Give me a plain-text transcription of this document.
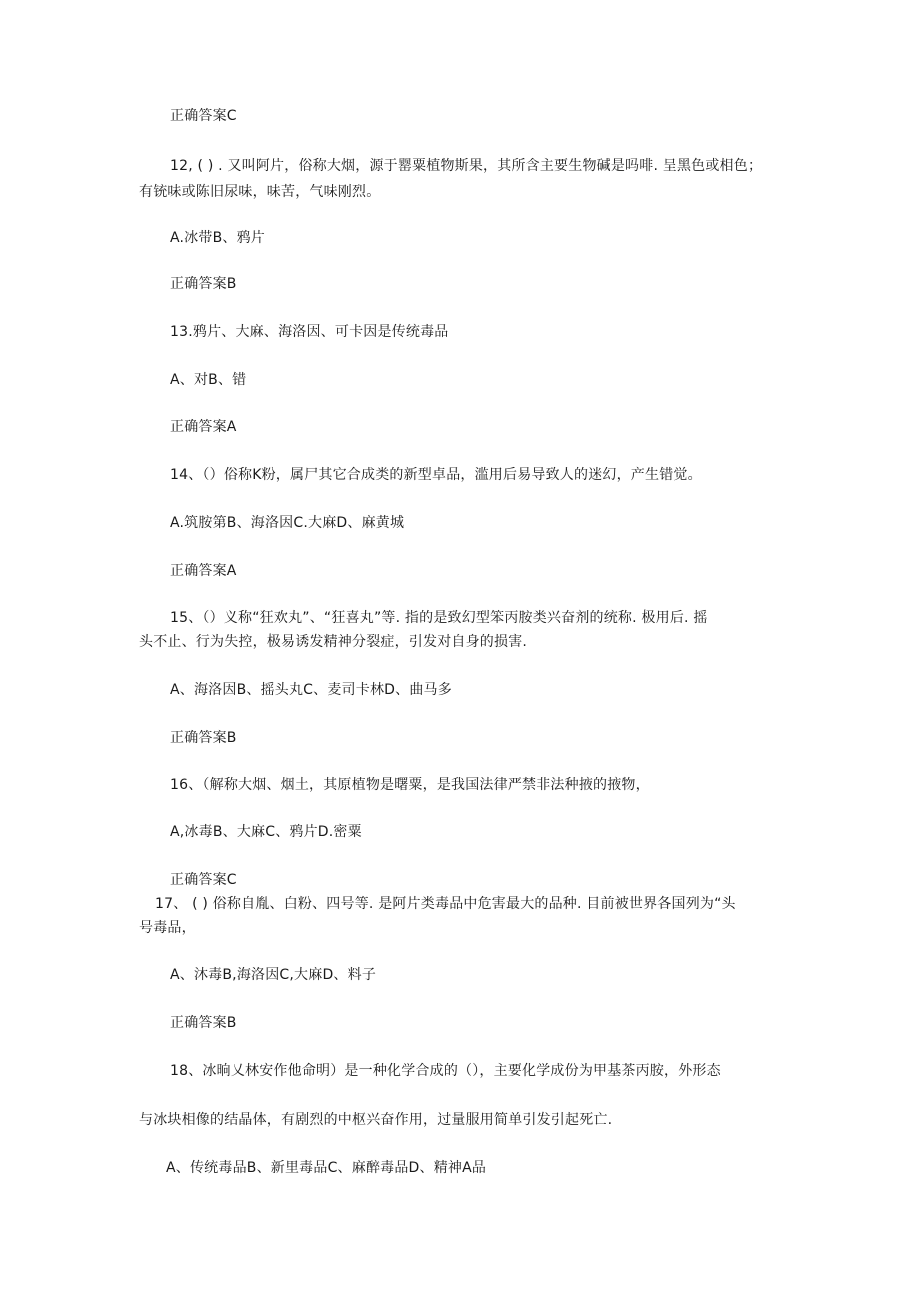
正确答案C
12, ( ) . 又叫阿片，俗称大烟，源于罂粟植物斯果，其所含主要生物碱是吗啡. 呈黑色或相色；
有铳味或陈旧尿味，味苦，气味刚烈。
A.冰带B、鸦片
正确答案B
13.鸦片、大麻、海洛因、可卡因是传统毒品
A、对B、错
正确答案A
14、（）俗称K粉，属尸其它合成类的新型卓品，滥用后易导致人的迷幻，产生错觉。
A.筑胺第B、海洛因C.大麻D、麻黄城
正确答案A
15、（）义称“狂欢丸”、“狂喜丸”等. 指的是致幻型笨丙胺类兴奋剂的统称. 极用后. 摇
头不止、行为失控，极易诱发精神分裂症，引发对自身的损害.
A、海洛因B、摇头丸C、麦司卡林D、曲马多
正确答案B
16、（解称大烟、烟土，其原植物是曙粟，是我国法律严禁非法种掖的掖物，
A,冰毒B、大麻C、鸦片D.密粟
正确答案C
17、 ( ) 俗称自胤、白粉、四号等. 是阿片类毒品中危害最大的品种. 目前被世界各国列为“头
号毒品，
A、沐毒B,海洛因C,大麻D、料子
正确答案B
18、冰晌乂林安作他命明）是一种化学合成的（），主要化学成份为甲基茶丙胺，外形态
与冰块相像的结晶体，有剧烈的中枢兴奋作用，过量服用简单引发引起死亡.
A、传统毒品B、新里毒品C、麻醉毒品D、精神A品
